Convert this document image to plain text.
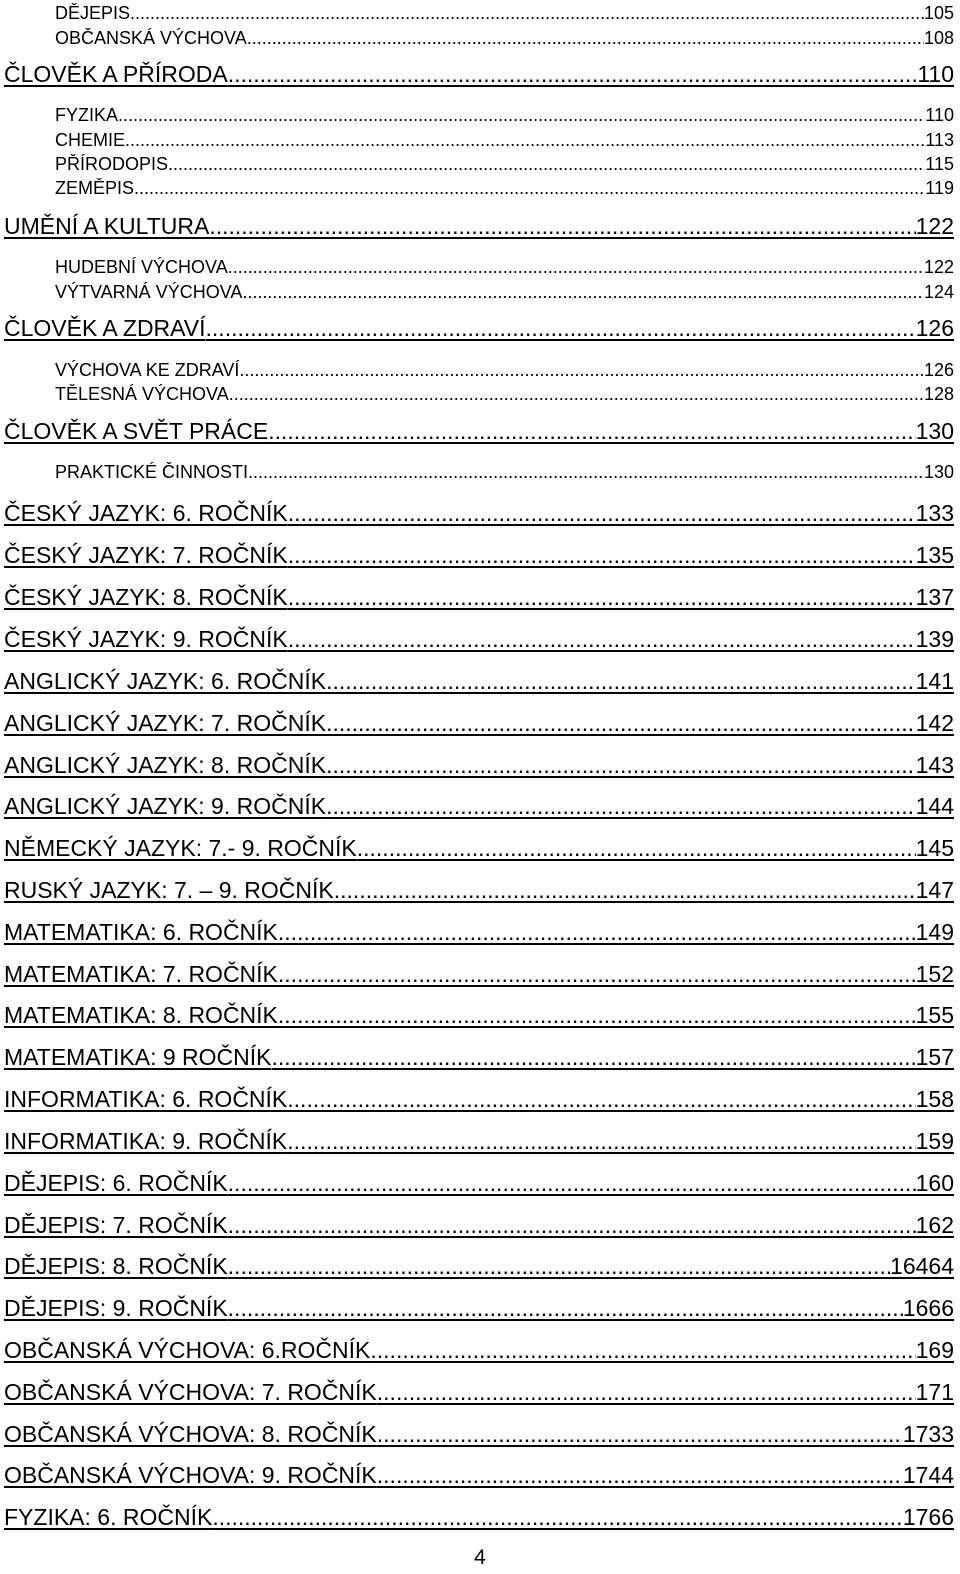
DĚJEPIS .....	105
OBČANSKÁ VÝCHOVA .....	108
ČLOVĚK A PŘÍRODA .....	110
FYZIKA .....	110
CHEMIE .....	113
PŘÍRODOPIS .....	115
ZEMĚPIS .....	119
UMĚNÍ A KULTURA .....	122
HUDEBNÍ VÝCHOVA .....	122
VÝTVARNÁ VÝCHOVA .....	124
ČLOVĚK A ZDRAVÍ .....	126
VÝCHOVA KE ZDRAVÍ .....	126
TĚLESNÁ VÝCHOVA .....	128
ČLOVĚK A SVĚT PRÁCE .....	130
PRAKTICKÉ ČINNOSTI .....	130
ČESKÝ JAZYK: 6. ROČNÍK .....	133
ČESKÝ JAZYK: 7. ROČNÍK .....	135
ČESKÝ JAZYK: 8. ROČNÍK .....	137
ČESKÝ JAZYK: 9. ROČNÍK .....	139
ANGLICKÝ JAZYK: 6. ROČNÍK .....	141
ANGLICKÝ JAZYK: 7. ROČNÍK .....	142
ANGLICKÝ JAZYK: 8. ROČNÍK .....	143
ANGLICKÝ JAZYK: 9. ROČNÍK .....	144
NĚMECKÝ JAZYK: 7.- 9. ROČNÍK .....	145
RUSKÝ JAZYK: 7. – 9. ROČNÍK .....	147
MATEMATIKA: 6. ROČNÍK .....	149
MATEMATIKA: 7. ROČNÍK .....	152
MATEMATIKA: 8. ROČNÍK .....	155
MATEMATIKA: 9 ROČNÍK .....	157
INFORMATIKA: 6. ROČNÍK .....	158
INFORMATIKA: 9. ROČNÍK .....	159
DĚJEPIS: 6. ROČNÍK .....	160
DĚJEPIS: 7. ROČNÍK .....	162
DĚJEPIS: 8. ROČNÍK .....	16464
DĚJEPIS: 9. ROČNÍK .....	1666
OBČANSKÁ VÝCHOVA: 6.ROČNÍK .....	169
OBČANSKÁ VÝCHOVA: 7. ROČNÍK .....	171
OBČANSKÁ VÝCHOVA: 8. ROČNÍK .....	1733
OBČANSKÁ VÝCHOVA: 9. ROČNÍK .....	1744
FYZIKA: 6. ROČNÍK .....	1766
4
